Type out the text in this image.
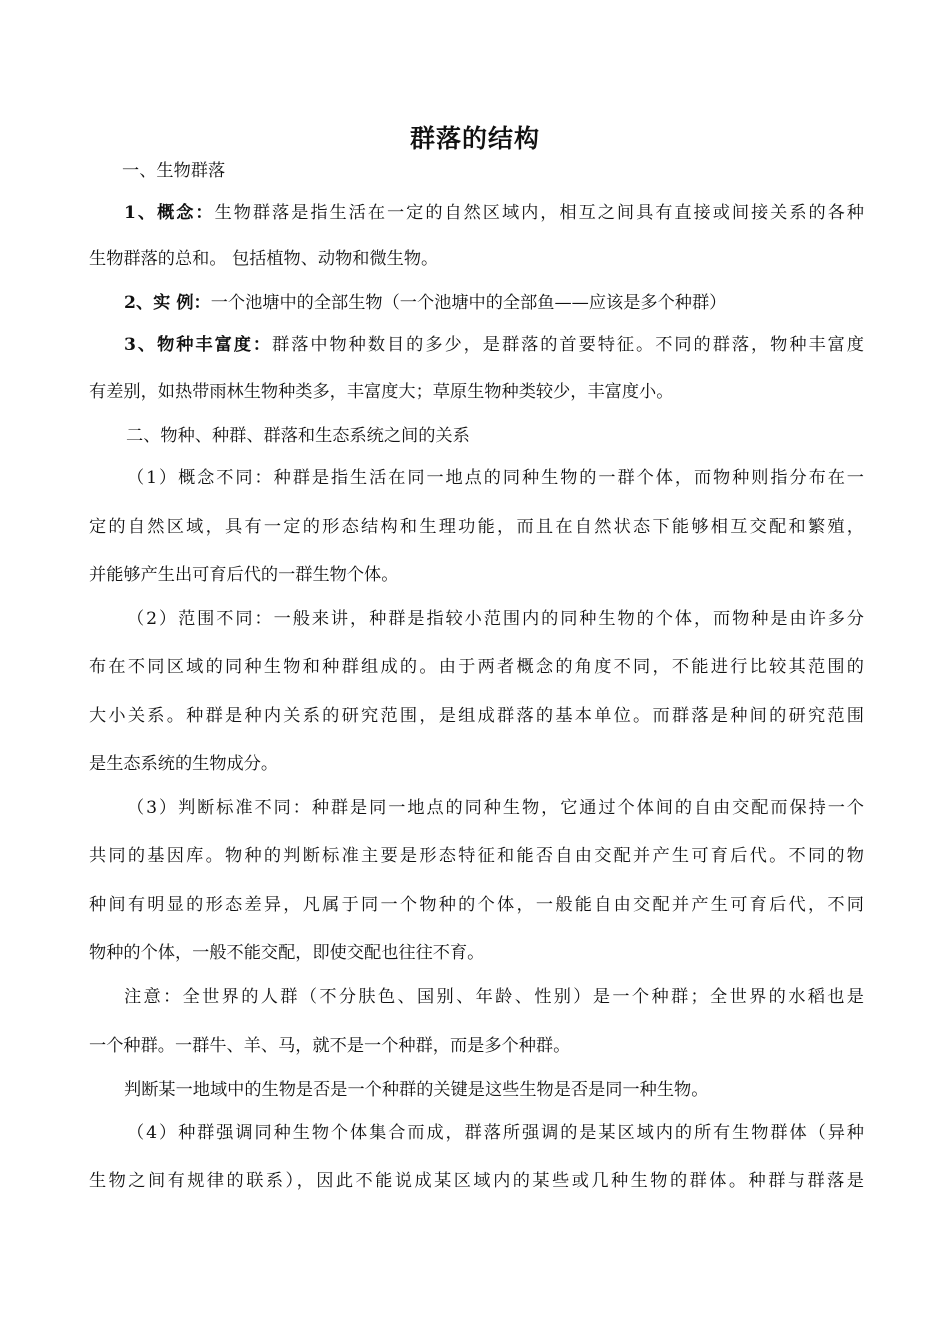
群落的结构
一、生物群落
1、概念：生物群落是指生活在一定的自然区域内，相互之间具有直接或间接关系的各种
生物群落的总和。 包括植物、动物和微生物。
2、实 例：一个池塘中的全部生物（一个池塘中的全部鱼——应该是多个种群）
3、物种丰富度：群落中物种数目的多少，是群落的首要特征。不同的群落，物种丰富度
有差别，如热带雨林生物种类多，丰富度大；草原生物种类较少，丰富度小。
二、物种、种群、群落和生态系统之间的关系
（1）概念不同：种群是指生活在同一地点的同种生物的一群个体，而物种则指分布在一
定的自然区域，具有一定的形态结构和生理功能，而且在自然状态下能够相互交配和繁殖，
并能够产生出可育后代的一群生物个体。
（2）范围不同：一般来讲，种群是指较小范围内的同种生物的个体，而物种是由许多分
布在不同区域的同种生物和种群组成的。由于两者概念的角度不同，不能进行比较其范围的
大小关系。种群是种内关系的研究范围，是组成群落的基本单位。而群落是种间的研究范围
是生态系统的生物成分。
（3）判断标准不同：种群是同一地点的同种生物，它通过个体间的自由交配而保持一个
共同的基因库。物种的判断标准主要是形态特征和能否自由交配并产生可育后代。不同的物
种间有明显的形态差异，凡属于同一个物种的个体，一般能自由交配并产生可育后代，不同
物种的个体，一般不能交配，即使交配也往往不育。
注意：全世界的人群（不分肤色、国别、年龄、性别）是一个种群；全世界的水稻也是
一个种群。一群牛、羊、马，就不是一个种群，而是多个种群。
判断某一地域中的生物是否是一个种群的关键是这些生物是否是同一种生物。
（4）种群强调同种生物个体集合而成，群落所强调的是某区域内的所有生物群体（异种
生物之间有规律的联系），因此不能说成某区域内的某些或几种生物的群体。种群与群落是
